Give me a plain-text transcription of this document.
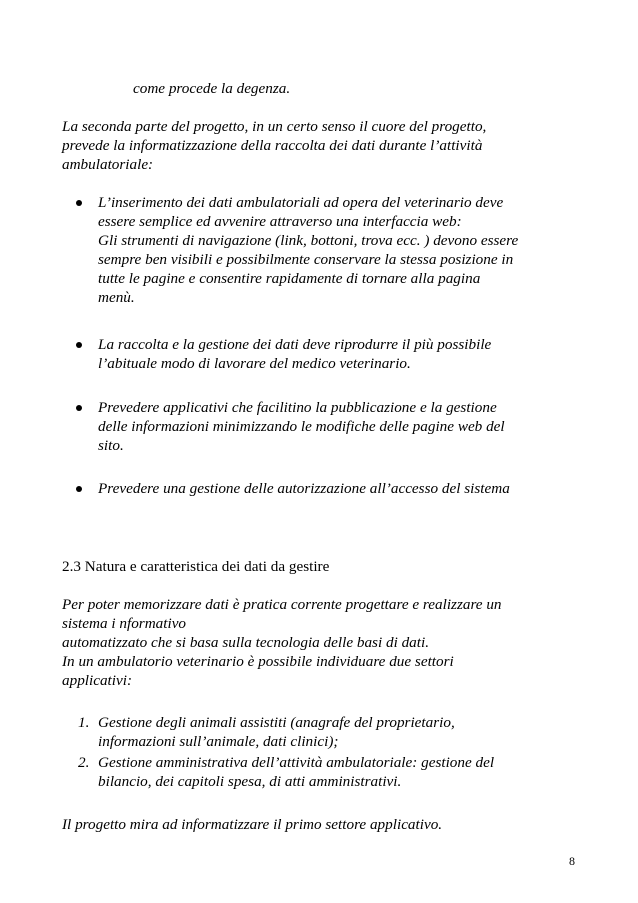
come procede la degenza.
La seconda parte del progetto, in un certo senso il cuore del progetto,
prevede la informatizzazione della raccolta dei dati durante l’attività
ambulatoriale:
L’inserimento dei dati ambulatoriali ad opera del veterinario deve
essere semplice ed avvenire attraverso una interfaccia web:
Gli strumenti di navigazione (link, bottoni, trova ecc. ) devono essere
sempre ben visibili e possibilmente conservare la stessa posizione in
tutte le pagine e consentire rapidamente di tornare alla pagina
menù.
La raccolta e la gestione dei dati deve riprodurre il più possibile
l’abituale modo di lavorare del medico veterinario.
Prevedere applicativi che facilitino la pubblicazione e la gestione
delle informazioni minimizzando le modifiche delle pagine web del
sito.
Prevedere una gestione delle autorizzazione all’accesso del sistema
2.3 Natura e caratteristica dei dati da gestire
Per poter memorizzare dati è pratica corrente progettare e realizzare un
sistema i nformativo
automatizzato che si basa sulla tecnologia delle basi di dati.
In un ambulatorio veterinario è possibile individuare due settori
applicativi:
1. Gestione degli animali assistiti (anagrafe del proprietario,
informazioni sull’animale, dati clinici);
2. Gestione amministrativa dell’attività ambulatoriale: gestione del
bilancio, dei capitoli spesa, di atti amministrativi.
Il progetto mira ad informatizzare il primo settore applicativo.
8
